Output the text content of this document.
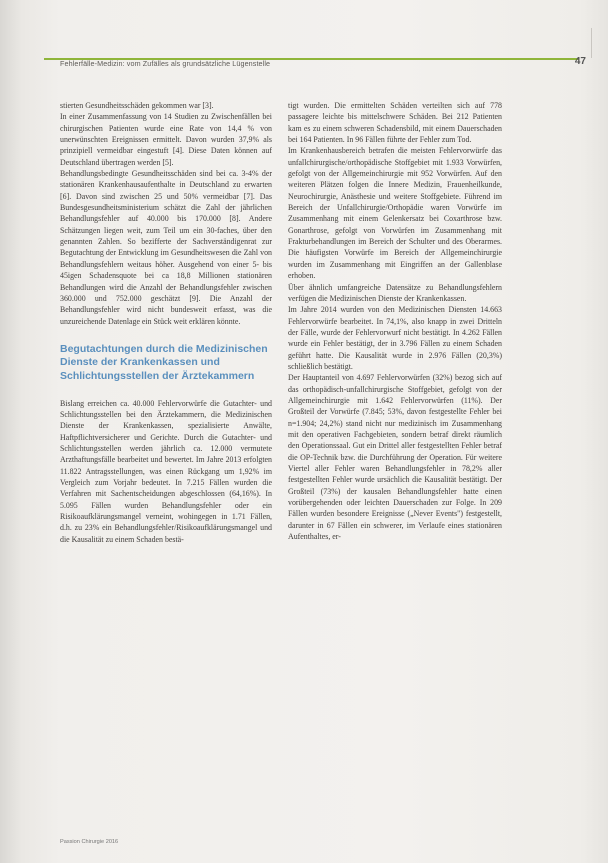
Fehlerfälle-Medizin: vom Zufälles als grundsätzliche Lügenstelle	47

stierten Gesundheitsschäden gekommen war [3].

In einer Zusammenfassung von 14 Studien zu Zwischenfällen bei chirurgischen Patienten wurde eine Rate von 14,4 % von unerwünschten Ereignissen ermittelt. Davon wurden 37,9% als prinzipiell vermeidbar eingestuft [4]. Diese Daten können auf Deutschland übertragen werden [5].

Behandlungsbedingte Gesundheitsschäden sind bei ca. 3-4% der stationären Krankenhausaufenthalte in Deutschland zu erwarten [6]. Davon sind zwischen 25 und 50% vermeidbar [7]. Das Bundesgesundheitsministerium schätzt die Zahl der jährlichen Behandlungsfehler auf 40.000 bis 170.000 [8]. Andere Schätzungen liegen weit, zum Teil um ein 30-faches, über den genannten Zahlen. So bezifferte der Sachverständigenrat zur Begutachtung der Entwicklung im Gesundheitswesen die Zahl von Behandlungsfehlern weitaus höher. Ausgehend von einer 5- bis 45igen Schadensquote bei ca 18,8 Millionen stationären Behandlungen wird die Anzahl der Behandlungsfehler zwischen 360.000 und 752.000 geschätzt [9]. Die Anzahl der Behandlungsfehler wird nicht bundesweit erfasst, was die unzureichende Datenlage ein Stück weit erklären könnte.

Begutachtungen durch die Medizinischen Dienste der Krankenkassen und Schlichtungsstellen der Ärztekammern

Bislang erreichen ca. 40.000 Fehlervorwürfe die Gutachter- und Schlichtungsstellen bei den Ärztekammern, die Medizinischen Dienste der Krankenkassen, spezialisierte Anwälte, Haftpflichtversicherer und Gerichte. Durch die Gutachter- und Schlichtungsstellen werden jährlich ca. 12.000 vermutete Arzthaftungsfälle bearbeitet und bewertet. Im Jahre 2013 erfolgten 11.822 Antragsstellungen, was einen Rückgang um 1,92% im Vergleich zum Vorjahr bedeutet. In 7.215 Fällen wurden die Verfahren mit Sachentscheidungen abgeschlossen (64,16%). In 5.095 Fällen wurden Behandlungsfehler oder ein Risikoaufklärungsmangel verneint, wohingegen in 1.71 Fällen, d.h. zu 23% ein Behandlungsfehler/Risikoaufklärungsmangel und die Kausalität zu einem Schaden bestä-

tigt wurden. Die ermittelten Schäden verteilten sich auf 778 passagere leichte bis mittelschwere Schäden. Bei 212 Patienten kam es zu einem schweren Schadensbild, mit einem Dauerschaden bei 164 Patienten. In 96 Fällen führte der Fehler zum Tod.

Im Krankenhausbereich betrafen die meisten Fehlervorwürfe das unfallchirurgische/orthopädische Stoffgebiet mit 1.933 Vorwürfen, gefolgt von der Allgemeinchirurgie mit 952 Vorwürfen. Auf den weiteren Plätzen folgen die Innere Medizin, Frauenheilkunde, Neurochirurgie, Anästhesie und weitere Stoffgebiete. Führend im Bereich der Unfallchirurgie/Orthopädie waren Vorwürfe im Zusammenhang mit einem Gelenkersatz bei Coxarthrose bzw. Gonarthrose, gefolgt von Vorwürfen im Zusammenhang mit Frakturbehandlungen im Bereich der Schulter und des Oberarmes. Die häufigsten Vorwürfe im Bereich der Allgemeinchirurgie wurden im Zusammenhang mit Eingriffen an der Gallenblase erhoben.

Über ähnlich umfangreiche Datensätze zu Behandlungsfehlern verfügen die Medizinischen Dienste der Krankenkassen.

Im Jahre 2014 wurden von den Medizinischen Diensten 14.663 Fehlervorwürfe bearbeitet. In 74,1%, also knapp in zwei Dritteln der Fälle, wurde der Fehlervorwurf nicht bestätigt. In 4.262 Fällen wurde ein Fehler bestätigt, der in 3.796 Fällen zu einem Schaden geführt hatte. Die Kausalität wurde in 2.976 Fällen (20,3%) schließlich bestätigt.

Der Hauptanteil von 4.697 Fehlervorwürfen (32%) bezog sich auf das orthopädisch-unfallchirurgische Stoffgebiet, gefolgt von der Allgemeinchirurgie mit 1.642 Fehlervorwürfen (11%). Der Großteil der Vorwürfe (7.845; 53%, davon festgestellte Fehler bei n=1.904; 24,2%) stand nicht nur medizinisch im Zusammenhang mit den operativen Fachgebieten, sondern betraf direkt räumlich den Operationssaal. Gut ein Drittel aller festgestellten Fehler betraf die OP-Technik bzw. die Durchführung der Operation. Für weitere Viertel aller Fehler waren Behandlungsfehler in 78,2% aller festgestellten Fehler wurde ursächlich die Kausalität bestätigt. Der Großteil (73%) der kausalen Behandlungsfehler hatte einen vorübergehenden oder leichten Dauerschaden zur Folge. In 209 Fällen wurden besondere Ereignisse („Never Events") festgestellt, darunter in 67 Fällen ein schwerer, im Verlaufe eines stationären Aufenthaltes, er-

Passion Chirurgie 2016
